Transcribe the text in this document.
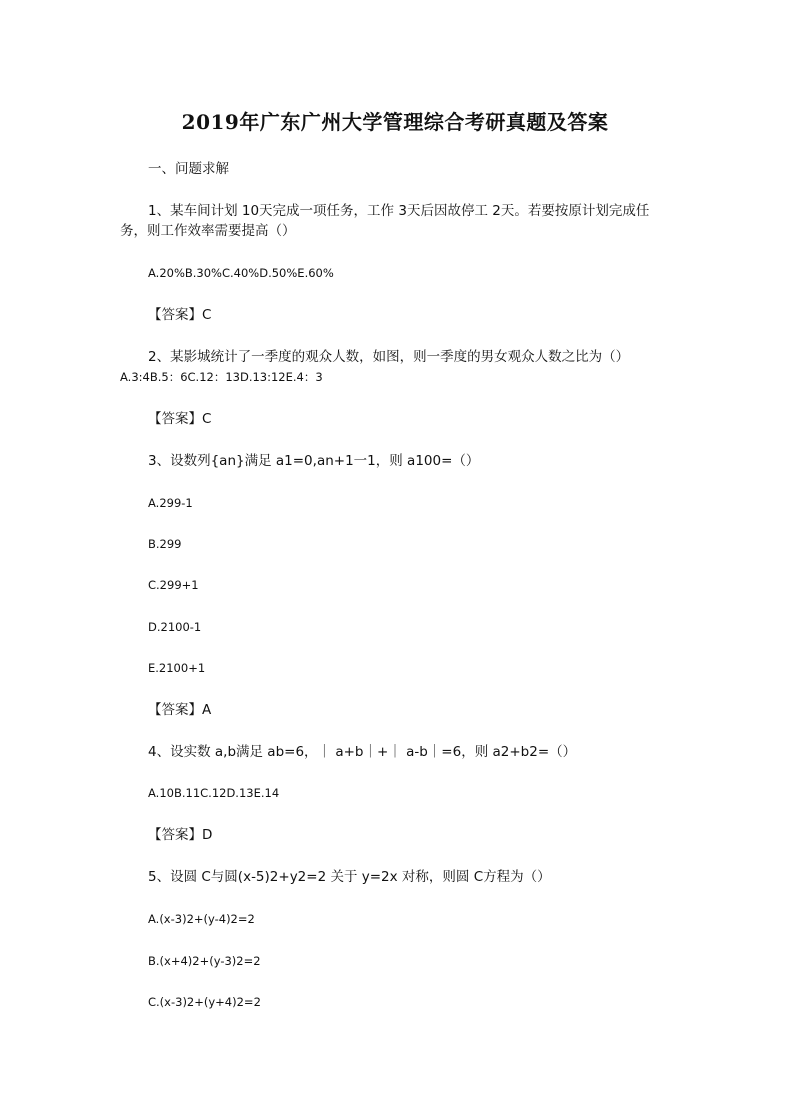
2019年广东广州大学管理综合考研真题及答案
一、问题求解
1、某车间计划 10天完成一项任务，工作 3天后因故停工 2天。若要按原计划完成任
务，则工作效率需要提高（）
A.20%B.30%C.40%D.50%E.60%
【答案】C
2、某影城统计了一季度的观众人数，如图，则一季度的男女观众人数之比为（）
A.3:4B.5：6C.12：13D.13:12E.4：3
【答案】C
3、设数列{an}满足 a1=0,an+1一1，则 a100=（）
A.299-1
B.299
C.299+1
D.2100-1
E.2100+1
【答案】A
4、设实数 a,b满足 ab=6，｜ a+b｜+｜ a-b｜=6，则 a2+b2=（）
A.10B.11C.12D.13E.14
【答案】D
5、设圆 C与圆(x-5)2+y2=2 关于 y=2x 对称，则圆 C方程为（）
A.(x-3)2+(y-4)2=2
B.(x+4)2+(y-3)2=2
C.(x-3)2+(y+4)2=2
